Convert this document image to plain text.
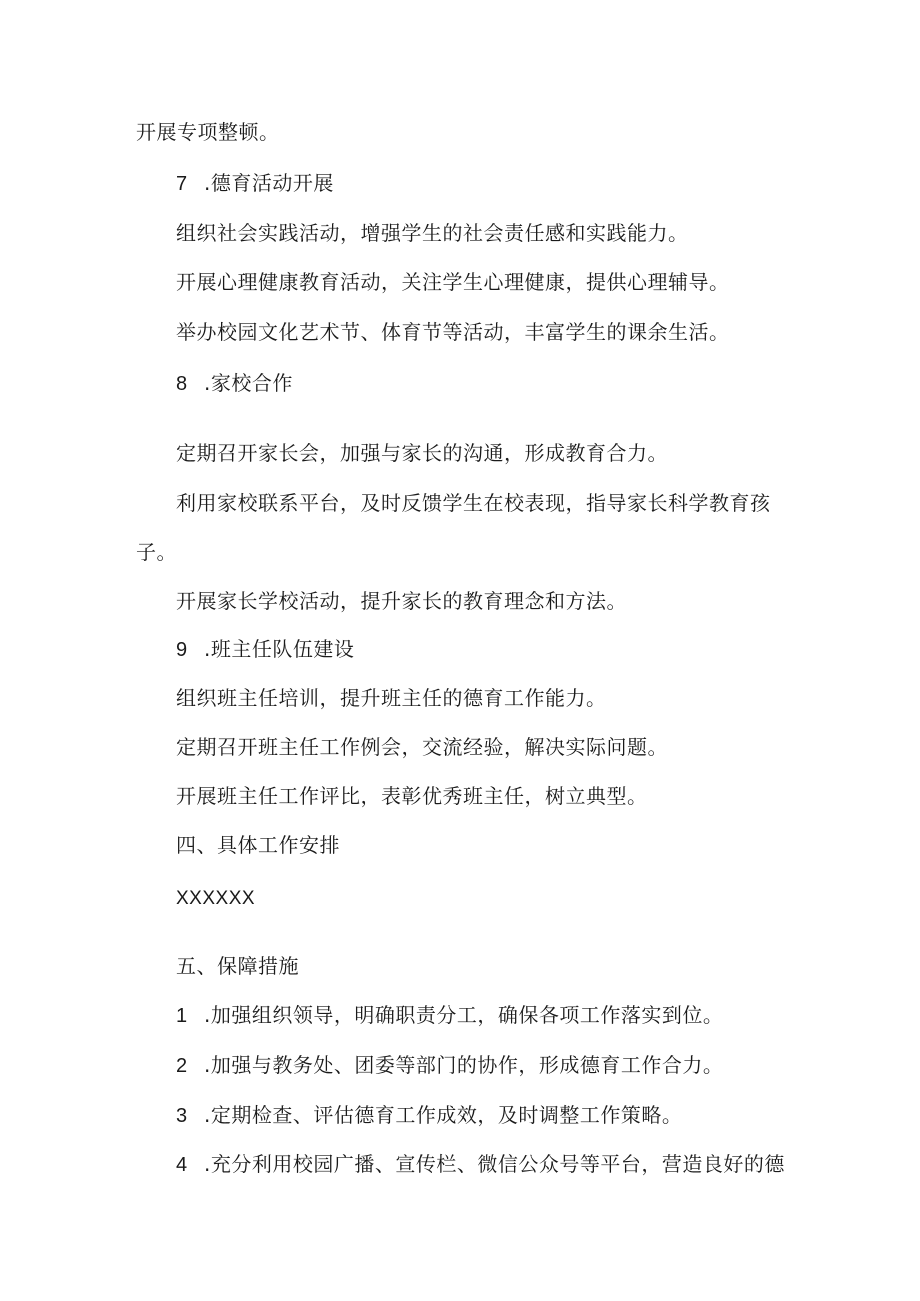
开展专项整顿。
7 .德育活动开展
组织社会实践活动，增强学生的社会责任感和实践能力。
开展心理健康教育活动，关注学生心理健康，提供心理辅导。
举办校园文化艺术节、体育节等活动，丰富学生的课余生活。
8 .家校合作
定期召开家长会，加强与家长的沟通，形成教育合力。
利用家校联系平台，及时反馈学生在校表现，指导家长科学教育孩
子。
开展家长学校活动，提升家长的教育理念和方法。
9 .班主任队伍建设
组织班主任培训，提升班主任的德育工作能力。
定期召开班主任工作例会，交流经验，解决实际问题。
开展班主任工作评比，表彰优秀班主任，树立典型。
四、具体工作安排
XXXXXX
五、保障措施
1 .加强组织领导，明确职责分工，确保各项工作落实到位。
2 .加强与教务处、团委等部门的协作，形成德育工作合力。
3 .定期检查、评估德育工作成效，及时调整工作策略。
4 .充分利用校园广播、宣传栏、微信公众号等平台，营造良好的德
